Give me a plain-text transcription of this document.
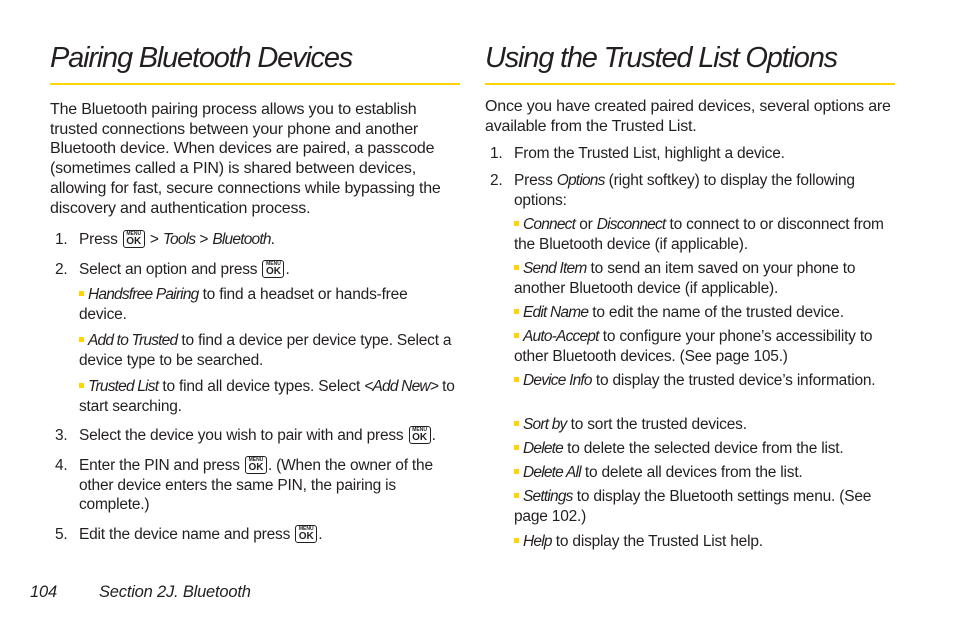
Pairing Bluetooth Devices

The Bluetooth pairing process allows you to establish trusted connections between your phone and another Bluetooth device. When devices are paired, a passcode (sometimes called a PIN) is shared between devices, allowing for fast, secure connections while bypassing the discovery and authentication process.

1. Press	MENU
OK > Tools > Bluetooth.
2. Select an option and press	MENU
OK .
Handsfree Pairing to find a headset or hands-free device.
Add to Trusted to find a device per device type. Select a device type to be searched.
Trusted List to find all device types. Select <Add New> to start searching.
3. Select the device you wish to pair with and press	MENU
OK .
4. Enter the PIN and press	MENU
OK . (When the owner of the other device enters the same PIN, the pairing is complete.)
5. Edit the device name and press	MENU
OK .
Using the Trusted List Options

Once you have created paired devices, several options are available from the Trusted List.

1. From the Trusted List, highlight a device.
2. Press Options (right softkey) to display the following options:
Connect or Disconnect to connect to or disconnect from the Bluetooth device (if applicable).
Send Item to send an item saved on your phone to another Bluetooth device (if applicable).
Edit Name to edit the name of the trusted device.
Auto-Accept to configure your phone’s accessibility to other Bluetooth devices. (See page 105.)
Device Info to display the trusted device’s information.
Sort by to sort the trusted devices.
Delete to delete the selected device from the list.
Delete All to delete all devices from the list.
Settings to display the Bluetooth settings menu. (See page 102.)
Help to display the Trusted List help.
104	Section 2J. Bluetooth
